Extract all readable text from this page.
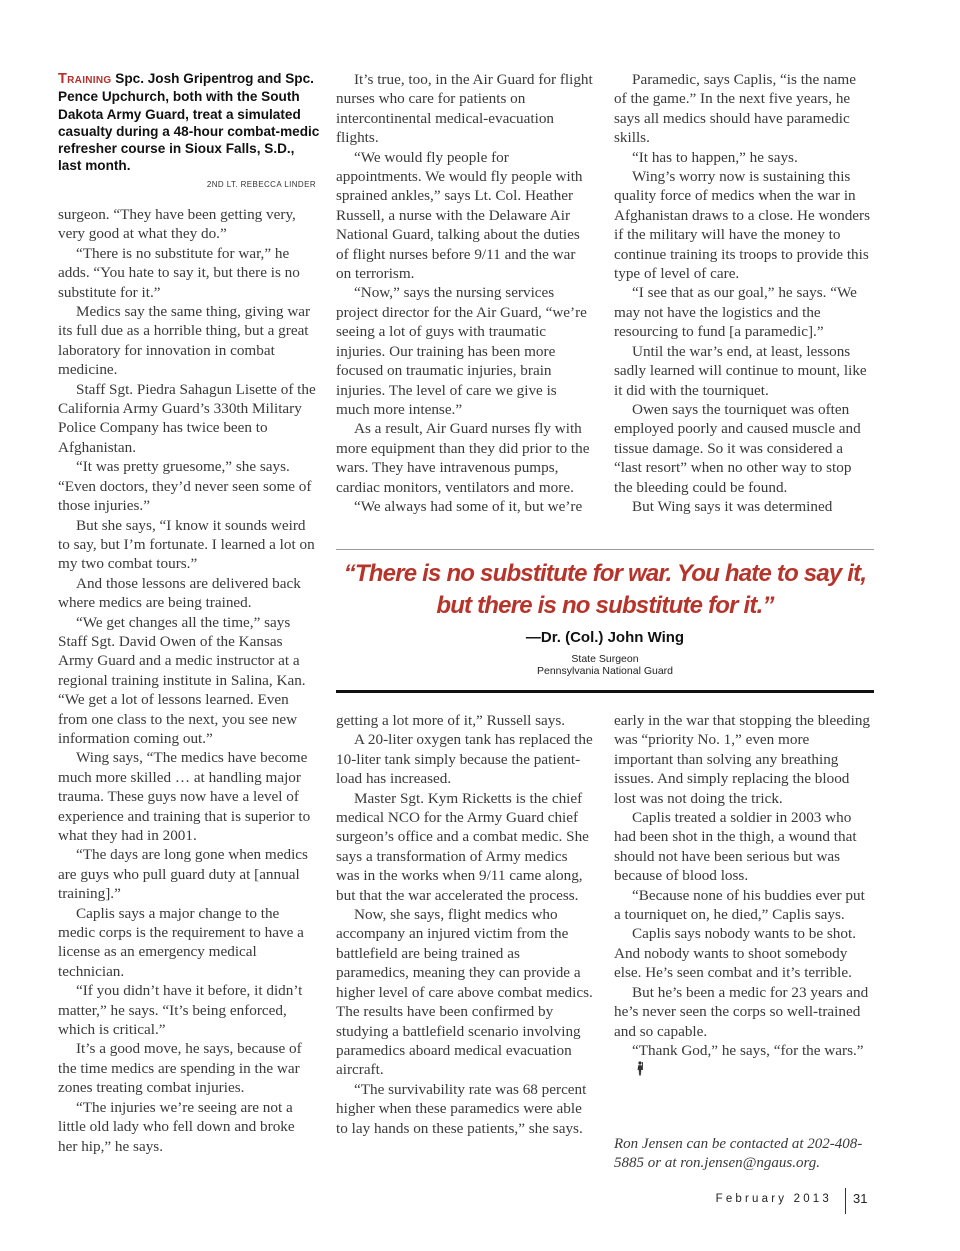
Training Spc. Josh Gripentrog and Spc. Pence Upchurch, both with the South Dakota Army Guard, treat a simulated casualty during a 48-hour combat-medic refresher course in Sioux Falls, S.D., last month.
2ND LT. REBECCA LINDER

surgeon. “They have been getting very, very good at what they do.”

“There is no substitute for war,” he adds. “You hate to say it, but there is no substitute for it.”

Medics say the same thing, giving war its full due as a horrible thing, but a great laboratory for innovation in combat medicine.

Staff Sgt. Piedra Sahagun Lisette of the California Army Guard’s 330th Military Police Company has twice been to Afghanistan.

“It was pretty gruesome,” she says. “Even doctors, they’d never seen some of those injuries.”

But she says, “I know it sounds weird to say, but I’m fortunate. I learned a lot on my two combat tours.”

And those lessons are delivered back where medics are being trained.

“We get changes all the time,” says Staff Sgt. David Owen of the Kansas Army Guard and a medic instructor at a regional training institute in Salina, Kan. “We get a lot of lessons learned. Even from one class to the next, you see new information coming out.”

Wing says, “The medics have become much more skilled … at handling major trauma. These guys now have a level of experience and training that is superior to what they had in 2001.

“The days are long gone when medics are guys who pull guard duty at [annual training].”

Caplis says a major change to the medic corps is the requirement to have a license as an emergency medical technician.

“If you didn’t have it before, it didn’t matter,” he says. “It’s being enforced, which is critical.”

It’s a good move, he says, because of the time medics are spending in the war zones treating combat injuries.

“The injuries we’re seeing are not a little old lady who fell down and broke her hip,” he says.

It’s true, too, in the Air Guard for flight nurses who care for patients on intercontinental medical-evacuation flights.

“We would fly people for appointments. We would fly people with sprained ankles,” says Lt. Col. Heather Russell, a nurse with the Delaware Air National Guard, talking about the duties of flight nurses before 9/11 and the war on terrorism.

“Now,” says the nursing services project director for the Air Guard, “we’re seeing a lot of guys with traumatic injuries. Our training has been more focused on traumatic injuries, brain injuries. The level of care we give is much more intense.”

As a result, Air Guard nurses fly with more equipment than they did prior to the wars. They have intravenous pumps, cardiac monitors, ventilators and more.

“We always had some of it, but we’re

Paramedic, says Caplis, “is the name of the game.” In the next five years, he says all medics should have paramedic skills.

“It has to happen,” he says.

Wing’s worry now is sustaining this quality force of medics when the war in Afghanistan draws to a close. He wonders if the military will have the money to continue training its troops to provide this type of level of care.

“I see that as our goal,” he says. “We may not have the logistics and the resourcing to fund [a paramedic].”

Until the war’s end, at least, lessons sadly learned will continue to mount, like it did with the tourniquet.

Owen says the tourniquet was often employed poorly and caused muscle and tissue damage. So it was considered a “last resort” when no other way to stop the bleeding could be found.

But Wing says it was determined

“There is no substitute for war. You hate to say it,
but there is no substitute for it.”
—Dr. (Col.) John Wing
State Surgeon
Pennsylvania National Guard

getting a lot more of it,” Russell says.

A 20-liter oxygen tank has replaced the 10-liter tank simply because the patient-load has increased.

Master Sgt. Kym Ricketts is the chief medical NCO for the Army Guard chief surgeon’s office and a combat medic. She says a transformation of Army medics was in the works when 9/11 came along, but that the war accelerated the process.

Now, she says, flight medics who accompany an injured victim from the battlefield are being trained as paramedics, meaning they can provide a higher level of care above combat medics. The results have been confirmed by studying a battlefield scenario involving paramedics aboard medical evacuation aircraft.

“The survivability rate was 68 percent higher when these paramedics were able to lay hands on these patients,” she says.

early in the war that stopping the bleeding was “priority No. 1,” even more important than solving any breathing issues. And simply replacing the blood lost was not doing the trick.

Caplis treated a soldier in 2003 who had been shot in the thigh, a wound that should not have been serious but was because of blood loss.

“Because none of his buddies ever put a tourniquet on, he died,” Caplis says.

Caplis says nobody wants to be shot. And nobody wants to shoot somebody else. He’s seen combat and it’s terrible.

But he’s been a medic for 23 years and he’s never seen the corps so well-trained and so capable.

“Thank God,” he says, “for the wars.”

Ron Jensen can be contacted at 202-408-5885 or at ron.jensen@ngaus.org.
February 2013 31
